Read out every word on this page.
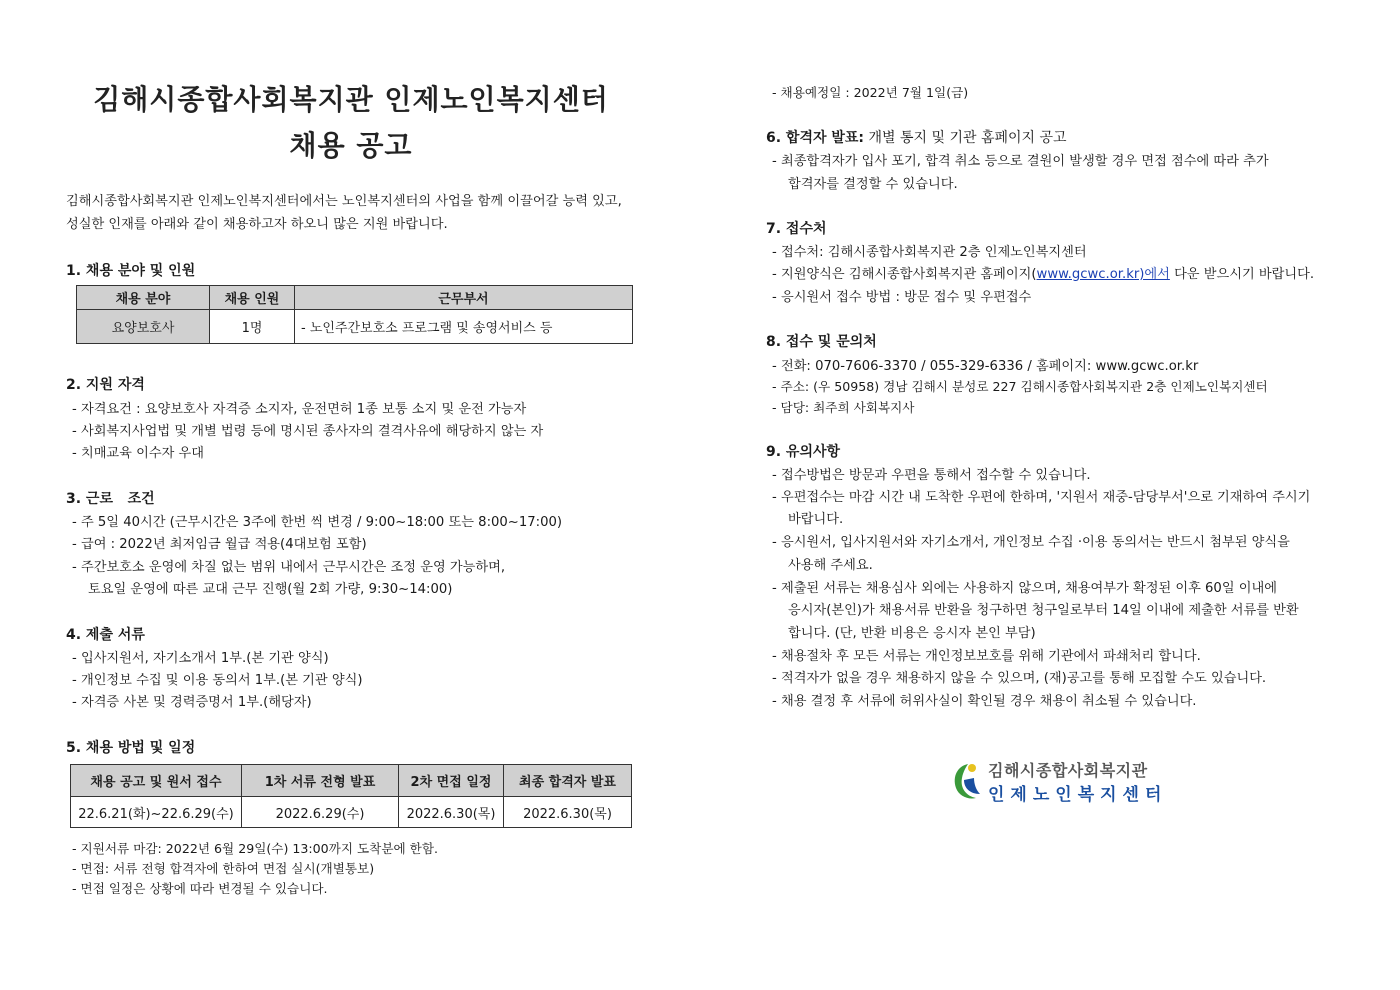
김해시종합사회복지관 인제노인복지센터
채용 공고
김해시종합사회복지관 인제노인복지센터에서는 노인복지센터의 사업을 함께 이끌어갈 능력 있고, 성실한 인재를 아래와 같이 채용하고자 하오니 많은 지원 바랍니다.
1. 채용 분야 및 인원
채용 분야	채용 인원	근무부서
요양보호사	1명	- 노인주간보호소 프로그램 및 송영서비스 등
2. 지원 자격
- 자격요건 : 요양보호사 자격증 소지자, 운전면허 1종 보통 소지 및 운전 가능자
- 사회복지사업법 및 개별 법령 등에 명시된 종사자의 결격사유에 해당하지 않는 자
- 치매교육 이수자 우대
3. 근로   조건
- 주 5일 40시간 (근무시간은 3주에 한번 씩 변경 / 9:00~18:00 또는 8:00~17:00)
- 급여 : 2022년 최저임금 월급 적용(4대보험 포함)
- 주간보호소 운영에 차질 없는 범위 내에서 근무시간은 조정 운영 가능하며,
토요일 운영에 따른 교대 근무 진행(월 2회 가량, 9:30~14:00)
4. 제출 서류
- 입사지원서, 자기소개서 1부.(본 기관 양식)
- 개인정보 수집 및 이용 동의서 1부.(본 기관 양식)
- 자격증 사본 및 경력증명서 1부.(해당자)
5. 채용 방법 및 일정
채용 공고 및 원서 접수	1차 서류 전형 발표	2차 면접 일정	최종 합격자 발표
22.6.21(화)~22.6.29(수)	2022.6.29(수)	2022.6.30(목)	2022.6.30(목)
- 지원서류 마감: 2022년 6월 29일(수) 13:00까지 도착분에 한함.
- 면접: 서류 전형 합격자에 한하여 면접 실시(개별통보)
- 면접 일정은 상황에 따라 변경될 수 있습니다.
- 채용예정일 : 2022년 7월 1일(금)
6. 합격자 발표: 개별 통지 및 기관 홈페이지 공고
- 최종합격자가 입사 포기, 합격 취소 등으로 결원이 발생할 경우 면접 점수에 따라 추가
합격자를 결정할 수 있습니다.
7. 접수처
- 접수처: 김해시종합사회복지관 2층 인제노인복지센터
- 지원양식은 김해시종합사회복지관 홈페이지(www.gcwc.or.kr)에서 다운 받으시기 바랍니다.
- 응시원서 접수 방법 : 방문 접수 및 우편접수
8. 접수 및 문의처
- 전화: 070-7606-3370 / 055-329-6336 / 홈페이지: www.gcwc.or.kr
- 주소: (우 50958) 경남 김해시 분성로 227 김해시종합사회복지관 2층 인제노인복지센터
- 담당: 최주희 사회복지사
9. 유의사항
- 접수방법은 방문과 우편을 통해서 접수할 수 있습니다.
- 우편접수는 마감 시간 내 도착한 우편에 한하며, '지원서 재중-담당부서'으로 기재하여 주시기
바랍니다.
- 응시원서, 입사지원서와 자기소개서, 개인정보 수집 ·이용 동의서는 반드시 첨부된 양식을
사용해 주세요.
- 제출된 서류는 채용심사 외에는 사용하지 않으며, 채용여부가 확정된 이후 60일 이내에
응시자(본인)가 채용서류 반환을 청구하면 청구일로부터 14일 이내에 제출한 서류를 반환
합니다. (단, 반환 비용은 응시자 본인 부담)
- 채용절차 후 모든 서류는 개인정보보호를 위해 기관에서 파쇄처리 합니다.
- 적격자가 없을 경우 채용하지 않을 수 있으며, (재)공고를 통해 모집할 수도 있습니다.
- 채용 결정 후 서류에 허위사실이 확인될 경우 채용이 취소될 수 있습니다.
김해시종합사회복지관
인제노인복지센터
